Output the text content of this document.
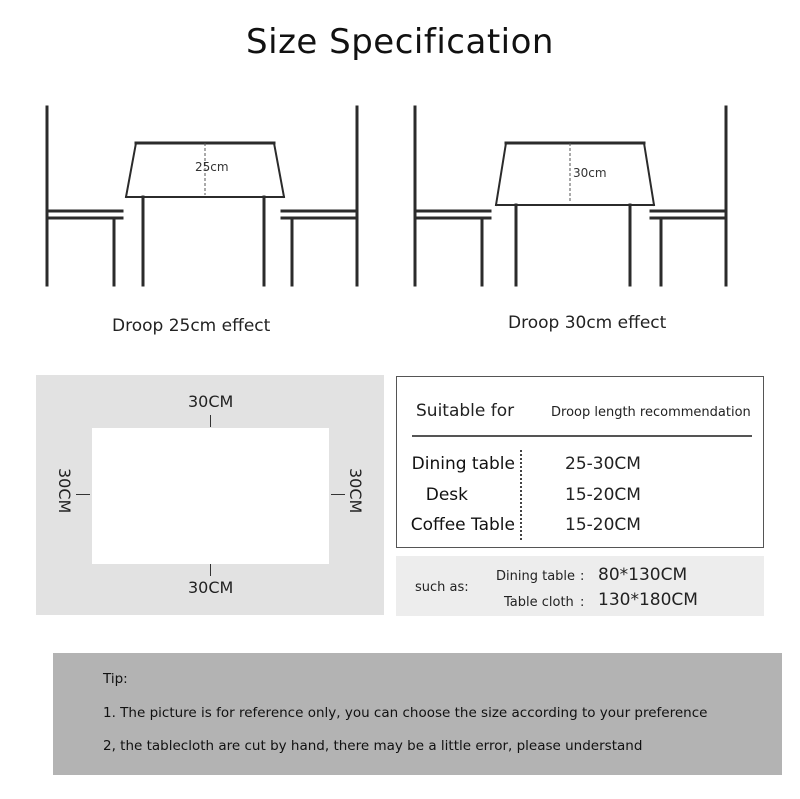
Size Specification
25cm
Droop 25cm effect
30cm
Droop 30cm effect
30CM
30CM
30CM	30CM
Suitable for	Droop length recommendation
Dining table	25-30CM
Desk	15-20CM
Coffee Table	15-20CM
such as:
Dining table : 80*130CM
Table cloth : 130*180CM
Tip:
1. The picture is for reference only, you can choose the size according to your preference
2, the tablecloth are cut by hand, there may be a little error, please understand
